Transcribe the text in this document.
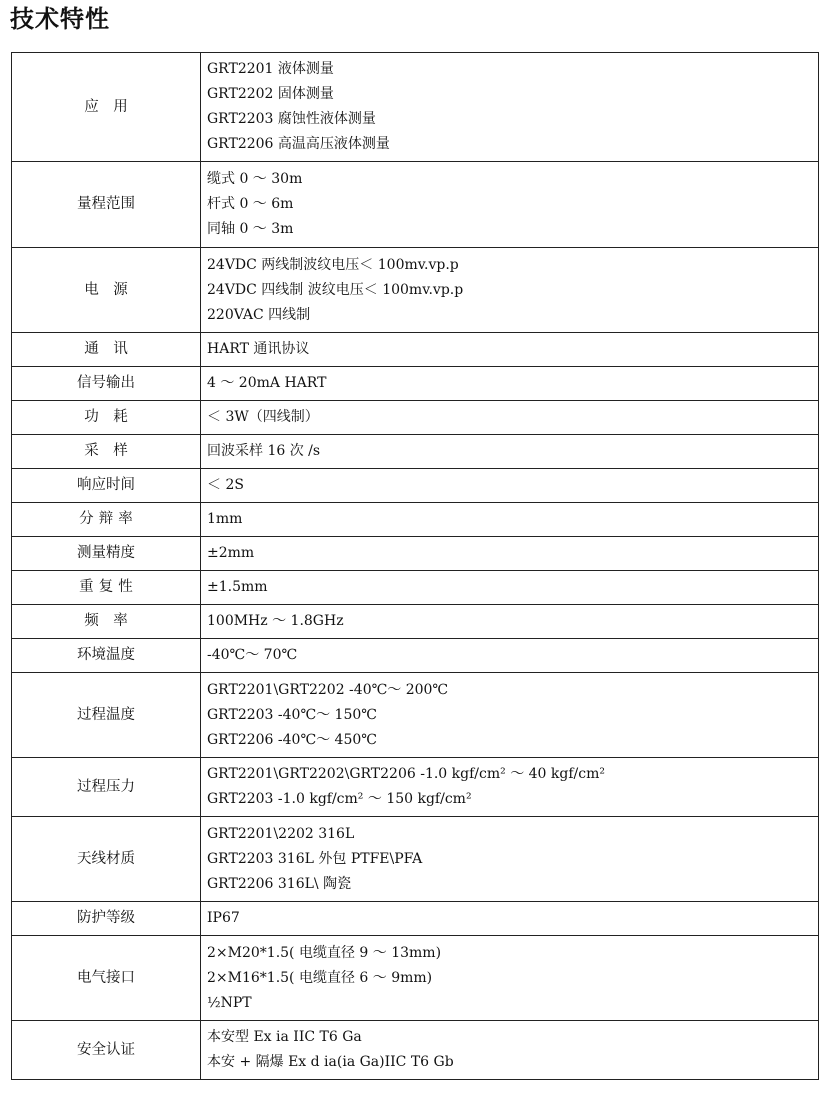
技术特性
应　用	GRT2201 液体测量
GRT2202 固体测量
GRT2203 腐蚀性液体测量
GRT2206 高温高压液体测量

量程范围	缆式 0 ～ 30m
杆式 0 ～ 6m
同轴 0 ～ 3m

电　源	24VDC 两线制波纹电压＜ 100mv.vp.p
24VDC 四线制 波纹电压＜ 100mv.vp.p
220VAC 四线制

通　讯	HART 通讯协议

信号输出	4 ～ 20mA HART

功　耗	＜ 3W（四线制）

采　样	回波采样 16 次 /s

响应时间	＜ 2S

分辩率	1mm

测量精度	±2mm

重复性	±1.5mm

频　率	100MHz ～ 1.8GHz

环境温度	-40℃～ 70℃

过程温度	GRT2201\GRT2202 -40℃～ 200℃
GRT2203 -40℃～ 150℃
GRT2206 -40℃～ 450℃

过程压力	GRT2201\GRT2202\GRT2206 -1.0 kgf/cm² ～ 40 kgf/cm²
GRT2203 -1.0 kgf/cm² ～ 150 kgf/cm²

天线材质	GRT2201\2202 316L
GRT2203 316L 外包 PTFE\PFA
GRT2206 316L\ 陶瓷

防护等级	IP67

电气接口	2×M20*1.5( 电缆直径 9 ～ 13mm)
2×M16*1.5( 电缆直径 6 ～ 9mm)
½NPT

安全认证	本安型 Ex ia IIC T6 Ga
本安 + 隔爆 Ex d ia(ia Ga)IIC T6 Gb
